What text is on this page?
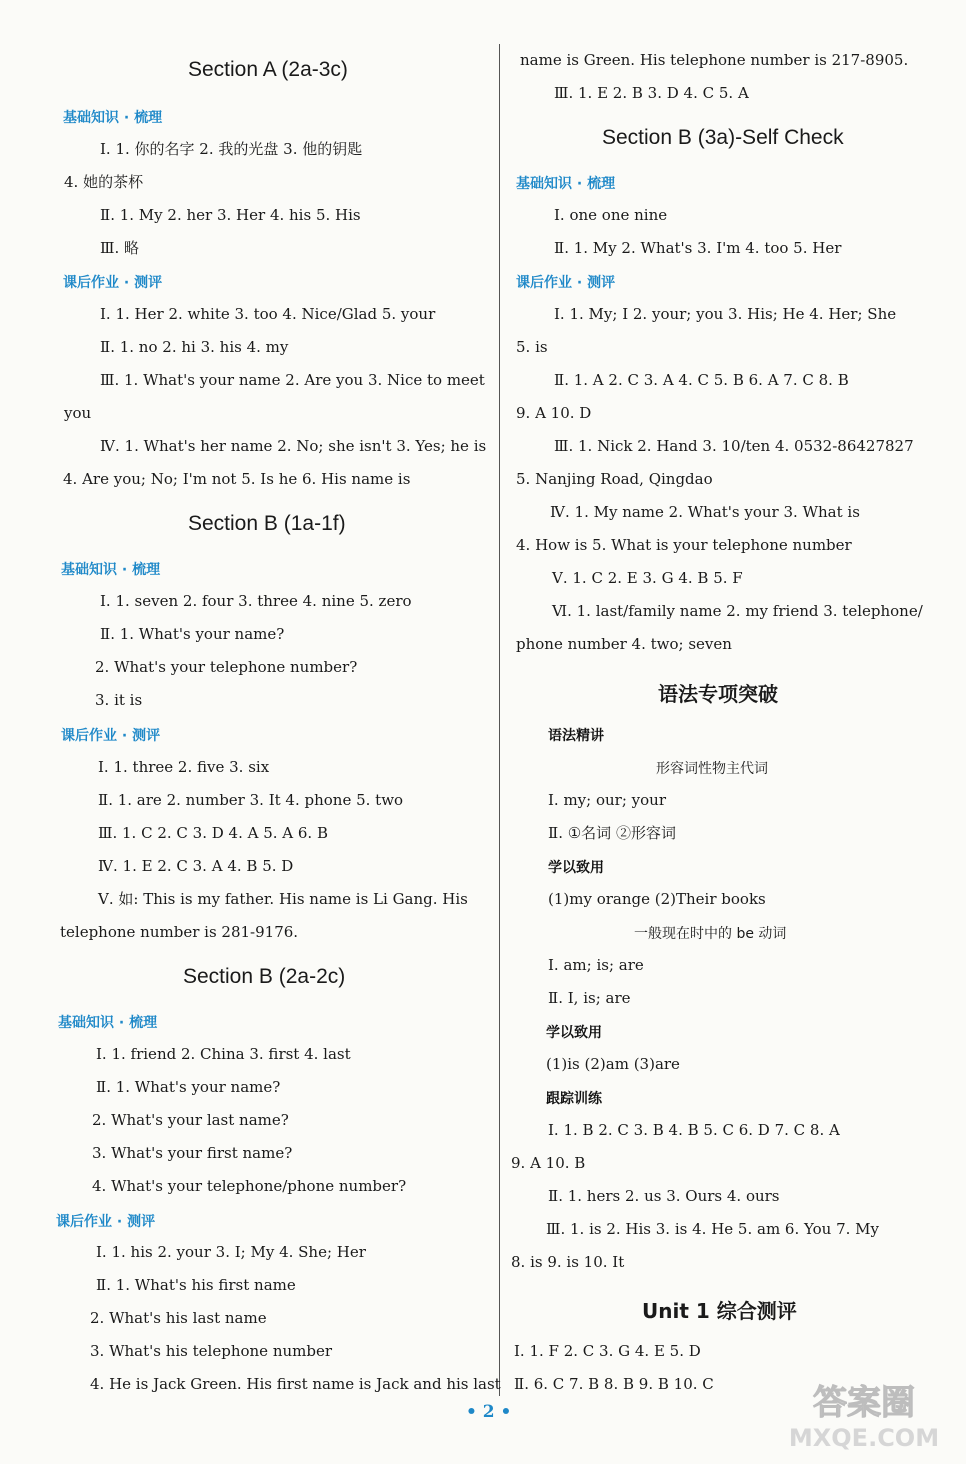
Section A (2a-3c)
基础知识 · 梳理
Ⅰ. 1. 你的名字 2. 我的光盘 3. 他的钥匙
4. 她的茶杯
Ⅱ. 1. My 2. her 3. Her 4. his 5. His
Ⅲ. 略
课后作业 · 测评
Ⅰ. 1. Her 2. white 3. too 4. Nice/Glad 5. your
Ⅱ. 1. no 2. hi 3. his 4. my
Ⅲ. 1. What's your name 2. Are you 3. Nice to meet
you
Ⅳ. 1. What's her name 2. No; she isn't 3. Yes; he is
4. Are you; No; I'm not 5. Is he 6. His name is
Section B (1a-1f)
基础知识 · 梳理
Ⅰ. 1. seven 2. four 3. three 4. nine 5. zero
Ⅱ. 1. What's your name?
2. What's your telephone number?
3. it is
课后作业 · 测评
Ⅰ. 1. three 2. five 3. six
Ⅱ. 1. are 2. number 3. It 4. phone 5. two
Ⅲ. 1. C 2. C 3. D 4. A 5. A 6. B
Ⅳ. 1. E 2. C 3. A 4. B 5. D
Ⅴ. 如: This is my father. His name is Li Gang. His
telephone number is 281-9176.
Section B (2a-2c)
基础知识 · 梳理
Ⅰ. 1. friend 2. China 3. first 4. last
Ⅱ. 1. What's your name?
2. What's your last name?
3. What's your first name?
4. What's your telephone/phone number?
课后作业 · 测评
Ⅰ. 1. his 2. your 3. I; My 4. She; Her
Ⅱ. 1. What's his first name
2. What's his last name
3. What's his telephone number
4. He is Jack Green. His first name is Jack and his last
name is Green. His telephone number is 217-8905.
Ⅲ. 1. E 2. B 3. D 4. C 5. A
Section B (3a)-Self Check
基础知识 · 梳理
Ⅰ. one one nine
Ⅱ. 1. My 2. What's 3. I'm 4. too 5. Her
课后作业 · 测评
Ⅰ. 1. My; I 2. your; you 3. His; He 4. Her; She
5. is
Ⅱ. 1. A 2. C 3. A 4. C 5. B 6. A 7. C 8. B
9. A 10. D
Ⅲ. 1. Nick 2. Hand 3. 10/ten 4. 0532-86427827
5. Nanjing Road, Qingdao
Ⅳ. 1. My name 2. What's your 3. What is
4. How is 5. What is your telephone number
Ⅴ. 1. C 2. E 3. G 4. B 5. F
Ⅵ. 1. last/family name 2. my friend 3. telephone/
phone number 4. two; seven
语法专项突破
语法精讲
形容词性物主代词
Ⅰ. my; our; your
Ⅱ. ①名词 ②形容词
学以致用
(1)my orange (2)Their books
一般现在时中的 be 动词
Ⅰ. am; is; are
Ⅱ. I, is; are
学以致用
(1)is (2)am (3)are
跟踪训练
Ⅰ. 1. B 2. C 3. B 4. B 5. C 6. D 7. C 8. A
9. A 10. B
Ⅱ. 1. hers 2. us 3. Ours 4. ours
Ⅲ. 1. is 2. His 3. is 4. He 5. am 6. You 7. My
8. is 9. is 10. It
Unit 1 综合测评
Ⅰ. 1. F 2. C 3. G 4. E 5. D
Ⅱ. 6. C 7. B 8. B 9. B 10. C
• 2 •	答案圈
MXQE.COM
